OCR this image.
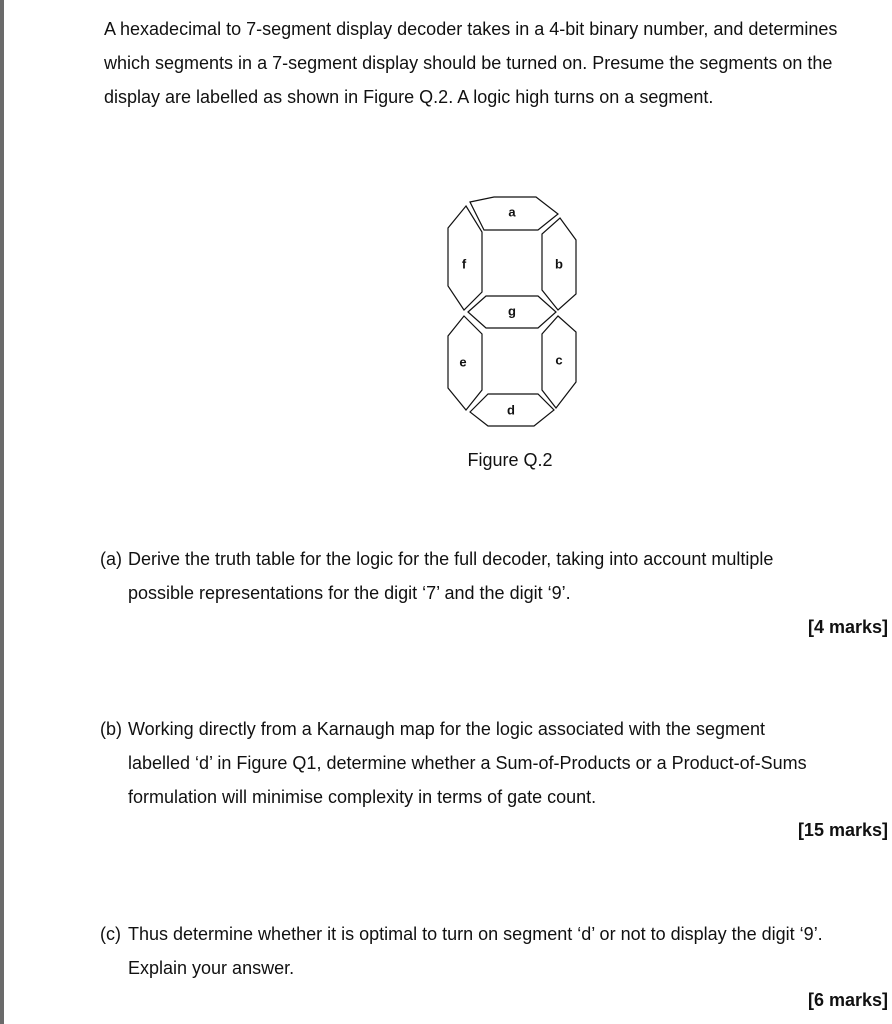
A hexadecimal to 7-segment display decoder takes in a 4-bit binary number, and determines which segments in a 7-segment display should be turned on. Presume the segments on the display are labelled as shown in Figure Q.2. A logic high turns on a segment.

a
f	b
g
e	c
d

Figure Q.2

(a) Derive the truth table for the logic for the full decoder, taking into account multiple
possible representations for the digit ‘7’ and the digit ‘9’.

[4 marks]

(b) Working directly from a Karnaugh map for the logic associated with the segment
labelled ‘d’ in Figure Q1, determine whether a Sum-of-Products or a Product-of-Sums formulation will minimise complexity in terms of gate count.

[15 marks]

(c) Thus determine whether it is optimal to turn on segment ‘d’ or not to display the digit ‘9’.
Explain your answer.

[6 marks]
